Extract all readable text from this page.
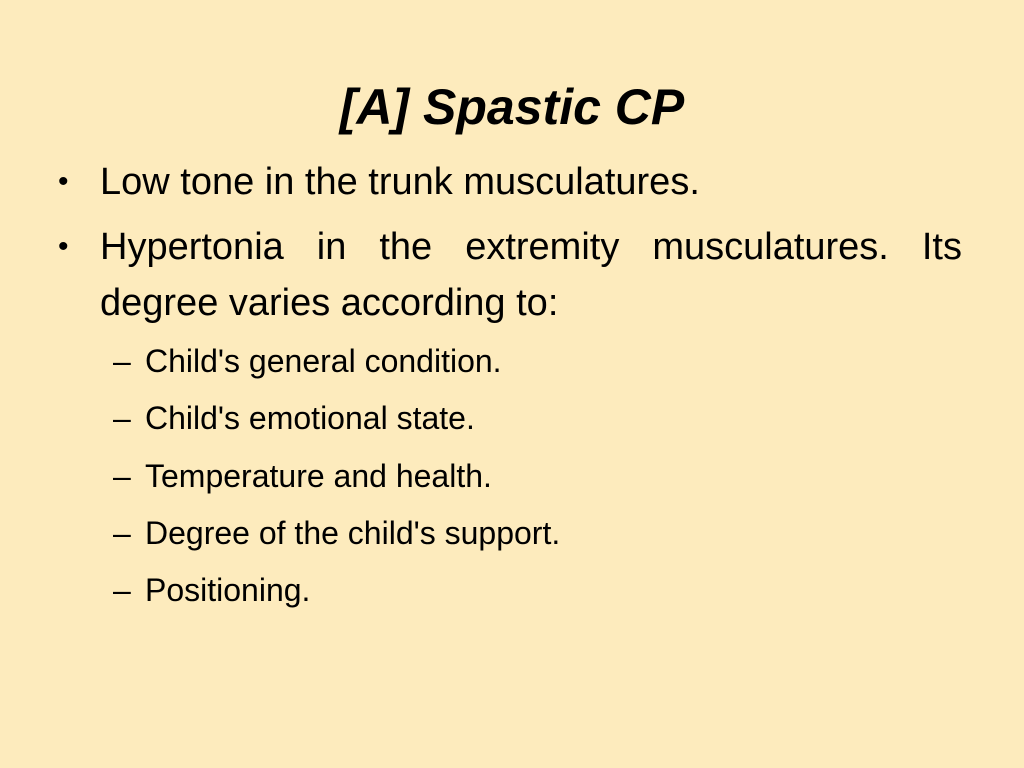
[A] Spastic CP
• Low tone in the trunk musculatures.
• Hypertonia in the extremity musculatures. Its degree varies according to:
– Child's general condition.
– Child's emotional state.
– Temperature and health.
– Degree of the child's support.
– Positioning.
